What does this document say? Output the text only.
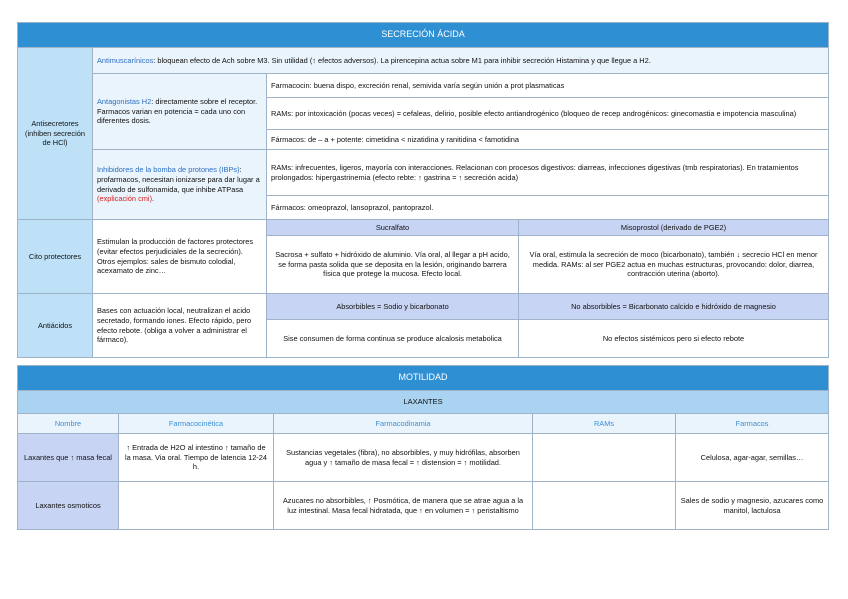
SECRECIÓN ÁCIDA			
Antisecretores (inhiben secreción de HCl)	Antimuscarínicos: bloquean efecto de Ach sobre M3. Sin utilidad (↑ efectos adversos). La pirencepina actua sobre M1 para inhibir secreción Histamina y que llegue a H2.		
	Antagonistas H2: directamente sobre el receptor. Farmacos varian en potencia = cada uno con diferentes dosis.	Farmacocin: buena dispo, excreción renal, semivida varía según unión a prot plasmaticas	
		RAMs: por intoxicación (pocas veces) = cefaleas, delirio, posible efecto antiandrogénico (bloqueo de recep androgénicos: ginecomastia e impotencia masculina)	
		Fármacos: de – a + potente: cimetidina < nizatidina y ranitidina < famotidina	
	Inhibidores de la bomba de protones (IBPs): profarmacos, necesitan ionizarse para dar lugar a derivado de sulfonamida, que inhibe ATPasa (explicación cmi).	RAMs: infrecuentes, ligeros, mayoría con interacciones. Relacionan con procesos digestivos: diarreas, infecciones digestivas (tmb respiratorias). En tratamientos prolongados: hipergastrinemia (efecto rebte: ↑ gastrina = ↑ secreción acida)	
		Fármacos: omeoprazol, lansoprazol, pantoprazol.	
Cito protectores	Estimulan la producción de factores protectores (evitar efectos perjudiciales de la secreción). Otros ejemplos: sales de bismuto colodial, acexamato de zinc…	Sucralfato	Misoprostol (derivado de PGE2)
		Sacrosa + sulfato + hidróxido de aluminio. Vía oral, al llegar a pH acido, se forma pasta solida que se deposita en la lesión, originando barrera física que protege la mucosa. Efecto local.	Vía oral, estimula la secreción de moco (bicarbonato), también ↓ secrecio HCl en menor medida. RAMs: al ser PGE2 actua en muchas estructuras, provocando: dolor, diarrea, contracción uterina (aborto).
Antiácidos	Bases con actuación local, neutralizan el acido secretado, formando iones. Efecto rápido, pero efecto rebote. (obliga a volver a administrar el fármaco).	Absorbibles = Sodio y bicarbonato	No absorbibles = Bicarbonato calcido e hidróxido de magnesio
		Sise consumen de forma continua se produce alcalosis metabolica	No efectos sistémicos pero si efecto rebote

MOTILIDAD				
LAXANTES				
Nombre	Farmacocinética	Farmacodinamia	RAMs	Farmacos
Laxantes que ↑ masa fecal	↑ Entrada de H2O al intestino ↑ tamaño de la masa. Via oral. Tiempo de latencia 12-24 h.	Sustancias vegetales (fibra), no absorbibles, y muy hidrófilas, absorben agua y ↑ tamaño de masa fecal = ↑ distension = ↑ motilidad.		Celulosa, agar-agar, semillas…
Laxantes osmoticos		Azucares no absorbibles, ↑ Posmótica, de manera que se atrae agua a la luz intestinal. Masa fecal hidratada, que ↑ en volumen = ↑ peristaltismo		Sales de sodio y magnesio, azucares como manitol, lactulosa
